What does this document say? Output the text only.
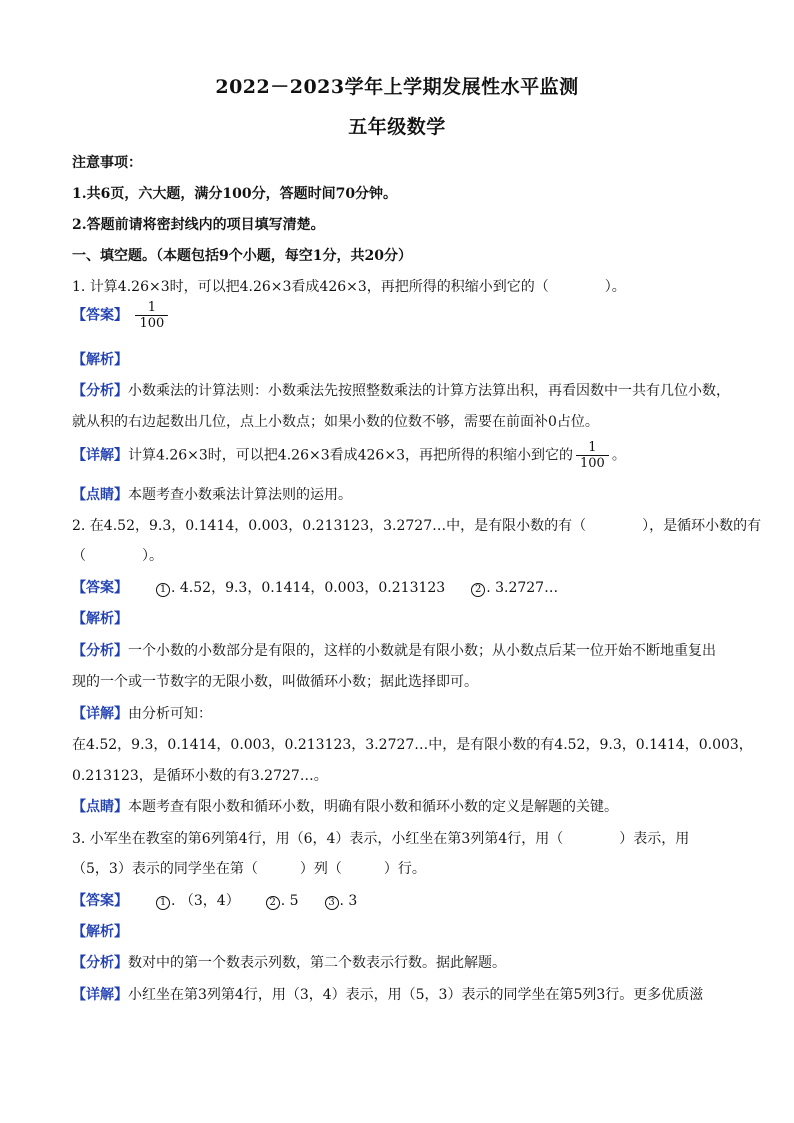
2022－2023学年上学期发展性水平监测
五年级数学
注意事项：
1.共6页，六大题，满分100分，答题时间70分钟。
2.答题前请将密封线内的项目填写清楚。
一、填空题。（本题包括9个小题，每空1分，共20分）
1. 计算4.26×3时，可以把4.26×3看成426×3，再把所得的积缩小到它的（　　　　）。
【答案】 $\frac{1}{100}$
【解析】
【分析】小数乘法的计算法则：小数乘法先按照整数乘法的计算方法算出积，再看因数中一共有几位小数，
就从积的右边起数出几位，点上小数点；如果小数的位数不够，需要在前面补0占位。
【详解】计算4.26×3时，可以把4.26×3看成426×3，再把所得的积缩小到它的 $\frac{1}{100}$ 。
【点睛】本题考查小数乘法计算法则的运用。
2. 在4.52，9.3，0.1414，0.003，0.213123，3.2727…中，是有限小数的有（　　　　），是循环小数的有
（　　　　）。
【答案】	1 . 4.52，9.3，0.1414，0.003，0.213123	2 . 3.2727…
【解析】
【分析】一个小数的小数部分是有限的，这样的小数就是有限小数；从小数点后某一位开始不断地重复出
现的一个或一节数字的无限小数，叫做循环小数；据此选择即可。
【详解】由分析可知：
在4.52，9.3，0.1414，0.003，0.213123，3.2727…中，是有限小数的有4.52，9.3，0.1414，0.003，
0.213123，是循环小数的有3.2727…。
【点睛】本题考查有限小数和循环小数，明确有限小数和循环小数的定义是解题的关键。
3. 小军坐在教室的第6列第4行，用（6，4）表示，小红坐在第3列第4行，用（　　　　）表示，用
（5，3）表示的同学坐在第（　　　）列（　　　）行。
【答案】	1 . （3，4）	2 . 5	3 . 3
【解析】
【分析】数对中的第一个数表示列数，第二个数表示行数。据此解题。
【详解】小红坐在第3列第4行，用（3，4）表示，用（5，3）表示的同学坐在第5列3行。更多优质滋
